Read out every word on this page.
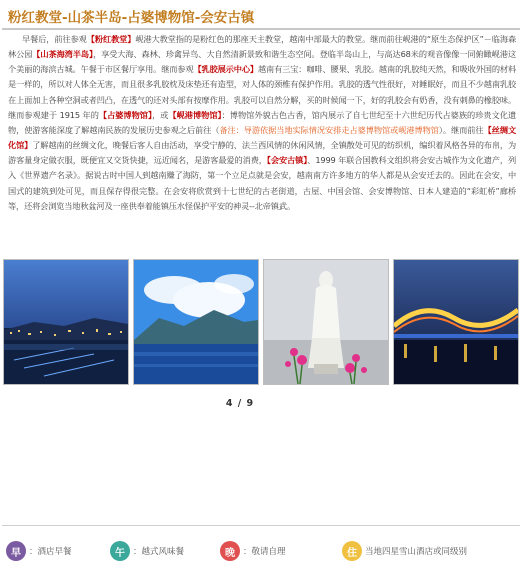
粉红教堂-山茶半岛-占婆博物馆-会安古镇
早餐后，前往参观【粉红教堂】岘港大教堂指的是粉红色的那座天主教堂，越南中部最大的教堂。继而前往岘港的“原生态保护区”－临海森林公园【山茶海湾半岛】，享受大海、森林、珍禽异鸟、大自然清新景致和谐生态空间。登临半岛山上，与高达68米的观音像像一同俯瞰岘港这个美丽的海滨古城。午餐于市区餐厅享用。继而参观【乳胶展示中心】越南有三宝：咖啡、腰果、乳胶。越南的乳胶纯天然，和吸收外国的材料是一样的，所以对人体全无害，而且很多乳胶枕及床垫还有造型，对人体的颈椎有保护作用。乳胶的透气性很好，对睡眠好，而且不少越南乳胶在上面加上各种空洞或者凹凸，在透气的还对头部有按摩作用。乳胶可以自然分解，买的时候闻一下，好的乳胶会有奶香，没有刺鼻的橡胶味。继而参观建于 1915 年的【占婆博物馆】，或【岘港博物馆】：博物馆外貌古色古香，馆内展示了自七世纪至十六世纪历代占婆族的珍贵文化遗物，使游客能深度了解越南民族的发展历史参观之后前往（备注：导游依据当地实际情况安排走占婆博物馆或岘港博物馆）。继而前往【丝绸文化馆】了解越南的丝绸文化，晚餐后客人自由活动，享受宁静的、法兰西风情的休闲风情，全镇散处可见的纺织机，编织着风格各异的布帛，为游客量身定做衣服，既便宜又交货快捷，远近闻名，是游客最爱的消费，【会安古镇】、1999 年联合国教科文组织将会安古城作为文化遗产，列入《世界遗产名录》。据说古时中国人到越南赚了海防，第一个立足点就是会安，越南南方许多地方的华人都是从会安迁去的。因此在会安，中国式的建筑到处可见，而且保存得很完整。在会安将欣赏到十七世纪的古老街道，古屋、中国会馆、会安博物馆、日本人建造的“彩虹桥”廊桥等，还将会浏览当地秋盆河及一座供奉着能镇压水怪保护平安的神灵--北帝镇武。
4 / 9
早 ：酒店早餐	午 ：越式风味餐	晚 ：敬请自理	住 当地四星雪山酒店或同级别
